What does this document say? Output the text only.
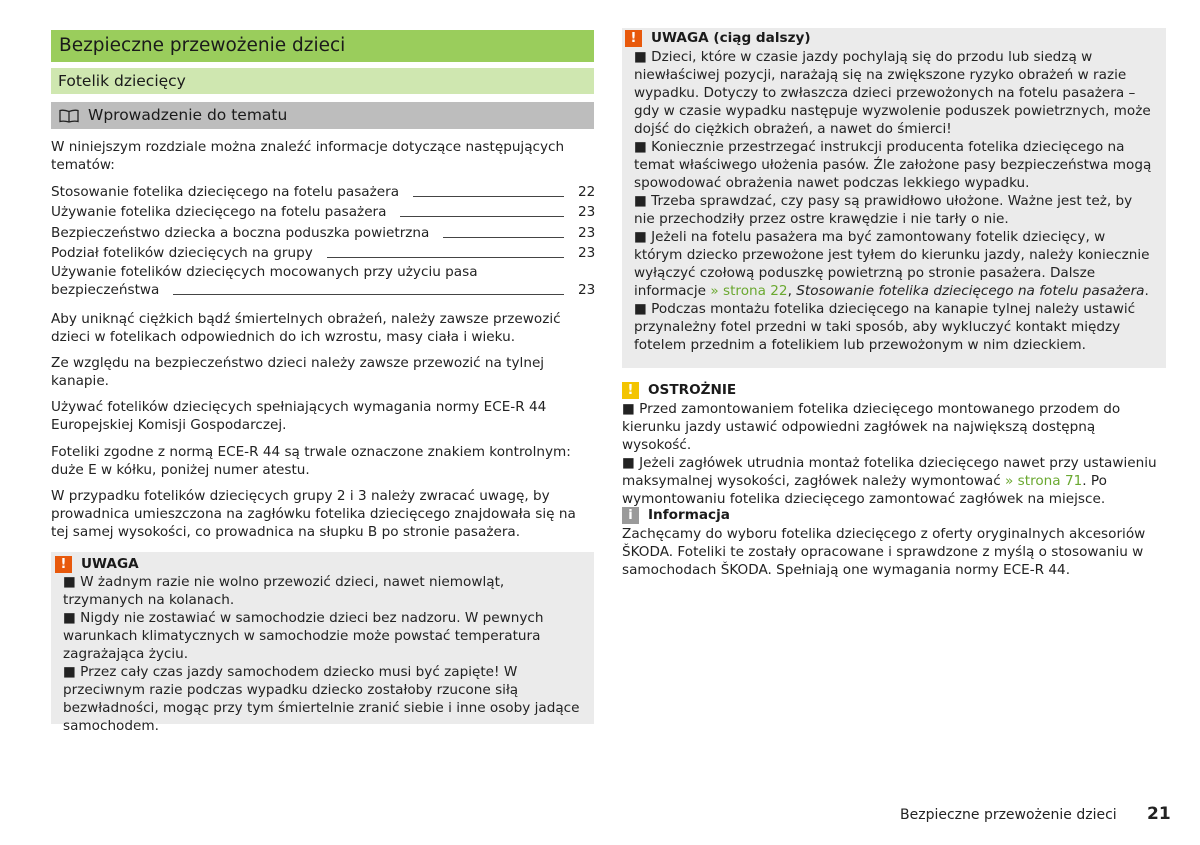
Bezpieczne przewożenie dzieci
Fotelik dziecięcy
Wprowadzenie do tematu

W niniejszym rozdziale można znaleźć informacje dotyczące następujących tematów:

Stosowanie fotelika dziecięcego na fotelu pasażera	22
Używanie fotelika dziecięcego na fotelu pasażera	23
Bezpieczeństwo dziecka a boczna poduszka powietrzna	23
Podział fotelików dziecięcych na grupy	23
Używanie fotelików dziecięcych mocowanych przy użyciu pasa
bezpieczeństwa	23

Aby uniknąć ciężkich bądź śmiertelnych obrażeń, należy zawsze przewozić dzieci w fotelikach odpowiednich do ich wzrostu, masy ciała i wieku.

Ze względu na bezpieczeństwo dzieci należy zawsze przewozić na tylnej kanapie.

Używać fotelików dziecięcych spełniających wymagania normy ECE-R 44 Europejskiej Komisji Gospodarczej.

Foteliki zgodne z normą ECE-R 44 są trwale oznaczone znakiem kontrolnym: duże E w kółku, poniżej numer atestu.

W przypadku fotelików dziecięcych grupy 2 i 3 należy zwracać uwagę, by prowadnica umieszczona na zagłówku fotelika dziecięcego znajdowała się na tej samej wysokości, co prowadnica na słupku B po stronie pasażera.

!	UWAGA

■ W żadnym razie nie wolno przewozić dzieci, nawet niemowląt, trzymanych na kolanach.

■ Nigdy nie zostawiać w samochodzie dzieci bez nadzoru. W pewnych warunkach klimatycznych w samochodzie może powstać temperatura zagrażająca życiu.

■ Przez cały czas jazdy samochodem dziecko musi być zapięte! W przeciwnym razie podczas wypadku dziecko zostałoby rzucone siłą bezwładności, mogąc przy tym śmiertelnie zranić siebie i inne osoby jadące samochodem.

!	UWAGA (ciąg dalszy)

■ Dzieci, które w czasie jazdy pochylają się do przodu lub siedzą w niewłaściwej pozycji, narażają się na zwiększone ryzyko obrażeń w razie wypadku. Dotyczy to zwłaszcza dzieci przewożonych na fotelu pasażera – gdy w czasie wypadku następuje wyzwolenie poduszek powietrznych, może dojść do ciężkich obrażeń, a nawet do śmierci!

■ Koniecznie przestrzegać instrukcji producenta fotelika dziecięcego na temat właściwego ułożenia pasów. Źle założone pasy bezpieczeństwa mogą spowodować obrażenia nawet podczas lekkiego wypadku.

■ Trzeba sprawdzać, czy pasy są prawidłowo ułożone. Ważne jest też, by nie przechodziły przez ostre krawędzie i nie tarły o nie.

■ Jeżeli na fotelu pasażera ma być zamontowany fotelik dziecięcy, w którym dziecko przewożone jest tyłem do kierunku jazdy, należy koniecznie wyłączyć czołową poduszkę powietrzną po stronie pasażera. Dalsze informacje » strona 22, Stosowanie fotelika dziecięcego na fotelu pasażera.

■ Podczas montażu fotelika dziecięcego na kanapie tylnej należy ustawić przynależny fotel przedni w taki sposób, aby wykluczyć kontakt między fotelem przednim a fotelikiem lub przewożonym w nim dzieckiem.

!	OSTROŻNIE

■ Przed zamontowaniem fotelika dziecięcego montowanego przodem do kierunku jazdy ustawić odpowiedni zagłówek na największą dostępną wysokość.

■ Jeżeli zagłówek utrudnia montaż fotelika dziecięcego nawet przy ustawieniu maksymalnej wysokości, zagłówek należy wymontować » strona 71. Po wymontowaniu fotelika dziecięcego zamontować zagłówek na miejsce.

i	Informacja

Zachęcamy do wyboru fotelika dziecięcego z oferty oryginalnych akcesoriów ŠKODA. Foteliki te zostały opracowane i sprawdzone z myślą o stosowaniu w samochodach ŠKODA. Spełniają one wymagania normy ECE-R 44.

Bezpieczne przewożenie dzieci 21
